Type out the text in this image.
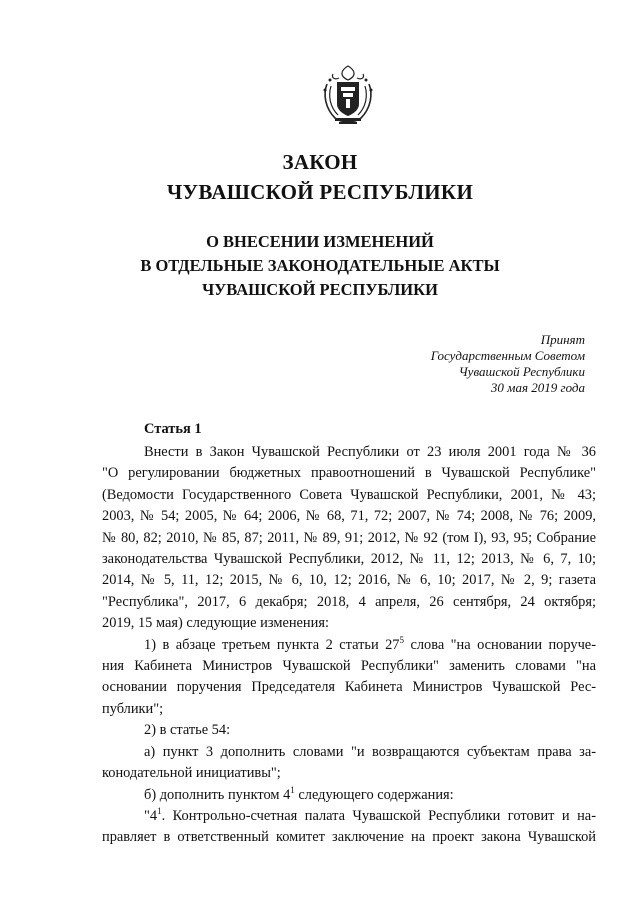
ЗАКОН
ЧУВАШСКОЙ РЕСПУБЛИКИ
О ВНЕСЕНИИ ИЗМЕНЕНИЙ
В ОТДЕЛЬНЫЕ ЗАКОНОДАТЕЛЬНЫЕ АКТЫ
ЧУВАШСКОЙ РЕСПУБЛИКИ
Принят
Государственным Советом
Чувашской Республики
30 мая 2019 года
Статья 1
Внести в Закон Чувашской Республики от 23 июля 2001 года № 36
"О регулировании бюджетных правоотношений в Чувашской Республике"
(Ведомости Государственного Совета Чувашской Республики, 2001, № 43;
2003, № 54; 2005, № 64; 2006, № 68, 71, 72; 2007, № 74; 2008, № 76; 2009,
№ 80, 82; 2010, № 85, 87; 2011, № 89, 91; 2012, № 92 (том I), 93, 95; Собрание
законодательства Чувашской Республики, 2012, № 11, 12; 2013, № 6, 7, 10;
2014, № 5, 11, 12; 2015, № 6, 10, 12; 2016, № 6, 10; 2017, № 2, 9; газета
"Республика", 2017, 6 декабря; 2018, 4 апреля, 26 сентября, 24 октября;
2019, 15 мая) следующие изменения:
1) в абзаце третьем пункта 2 статьи $27^5$ слова "на основании поруче-
ния Кабинета Министров Чувашской Республики" заменить словами "на
основании поручения Председателя Кабинета Министров Чувашской Рес-
публики";
2) в статье 54:
а) пункт 3 дополнить словами "и возвращаются субъектам права за-
конодательной инициативы";
б) дополнить пунктом $4^1$ следующего содержания:
"$4^1$. Контрольно-счетная палата Чувашской Республики готовит и на-
правляет в ответственный комитет заключение на проект закона Чувашской
